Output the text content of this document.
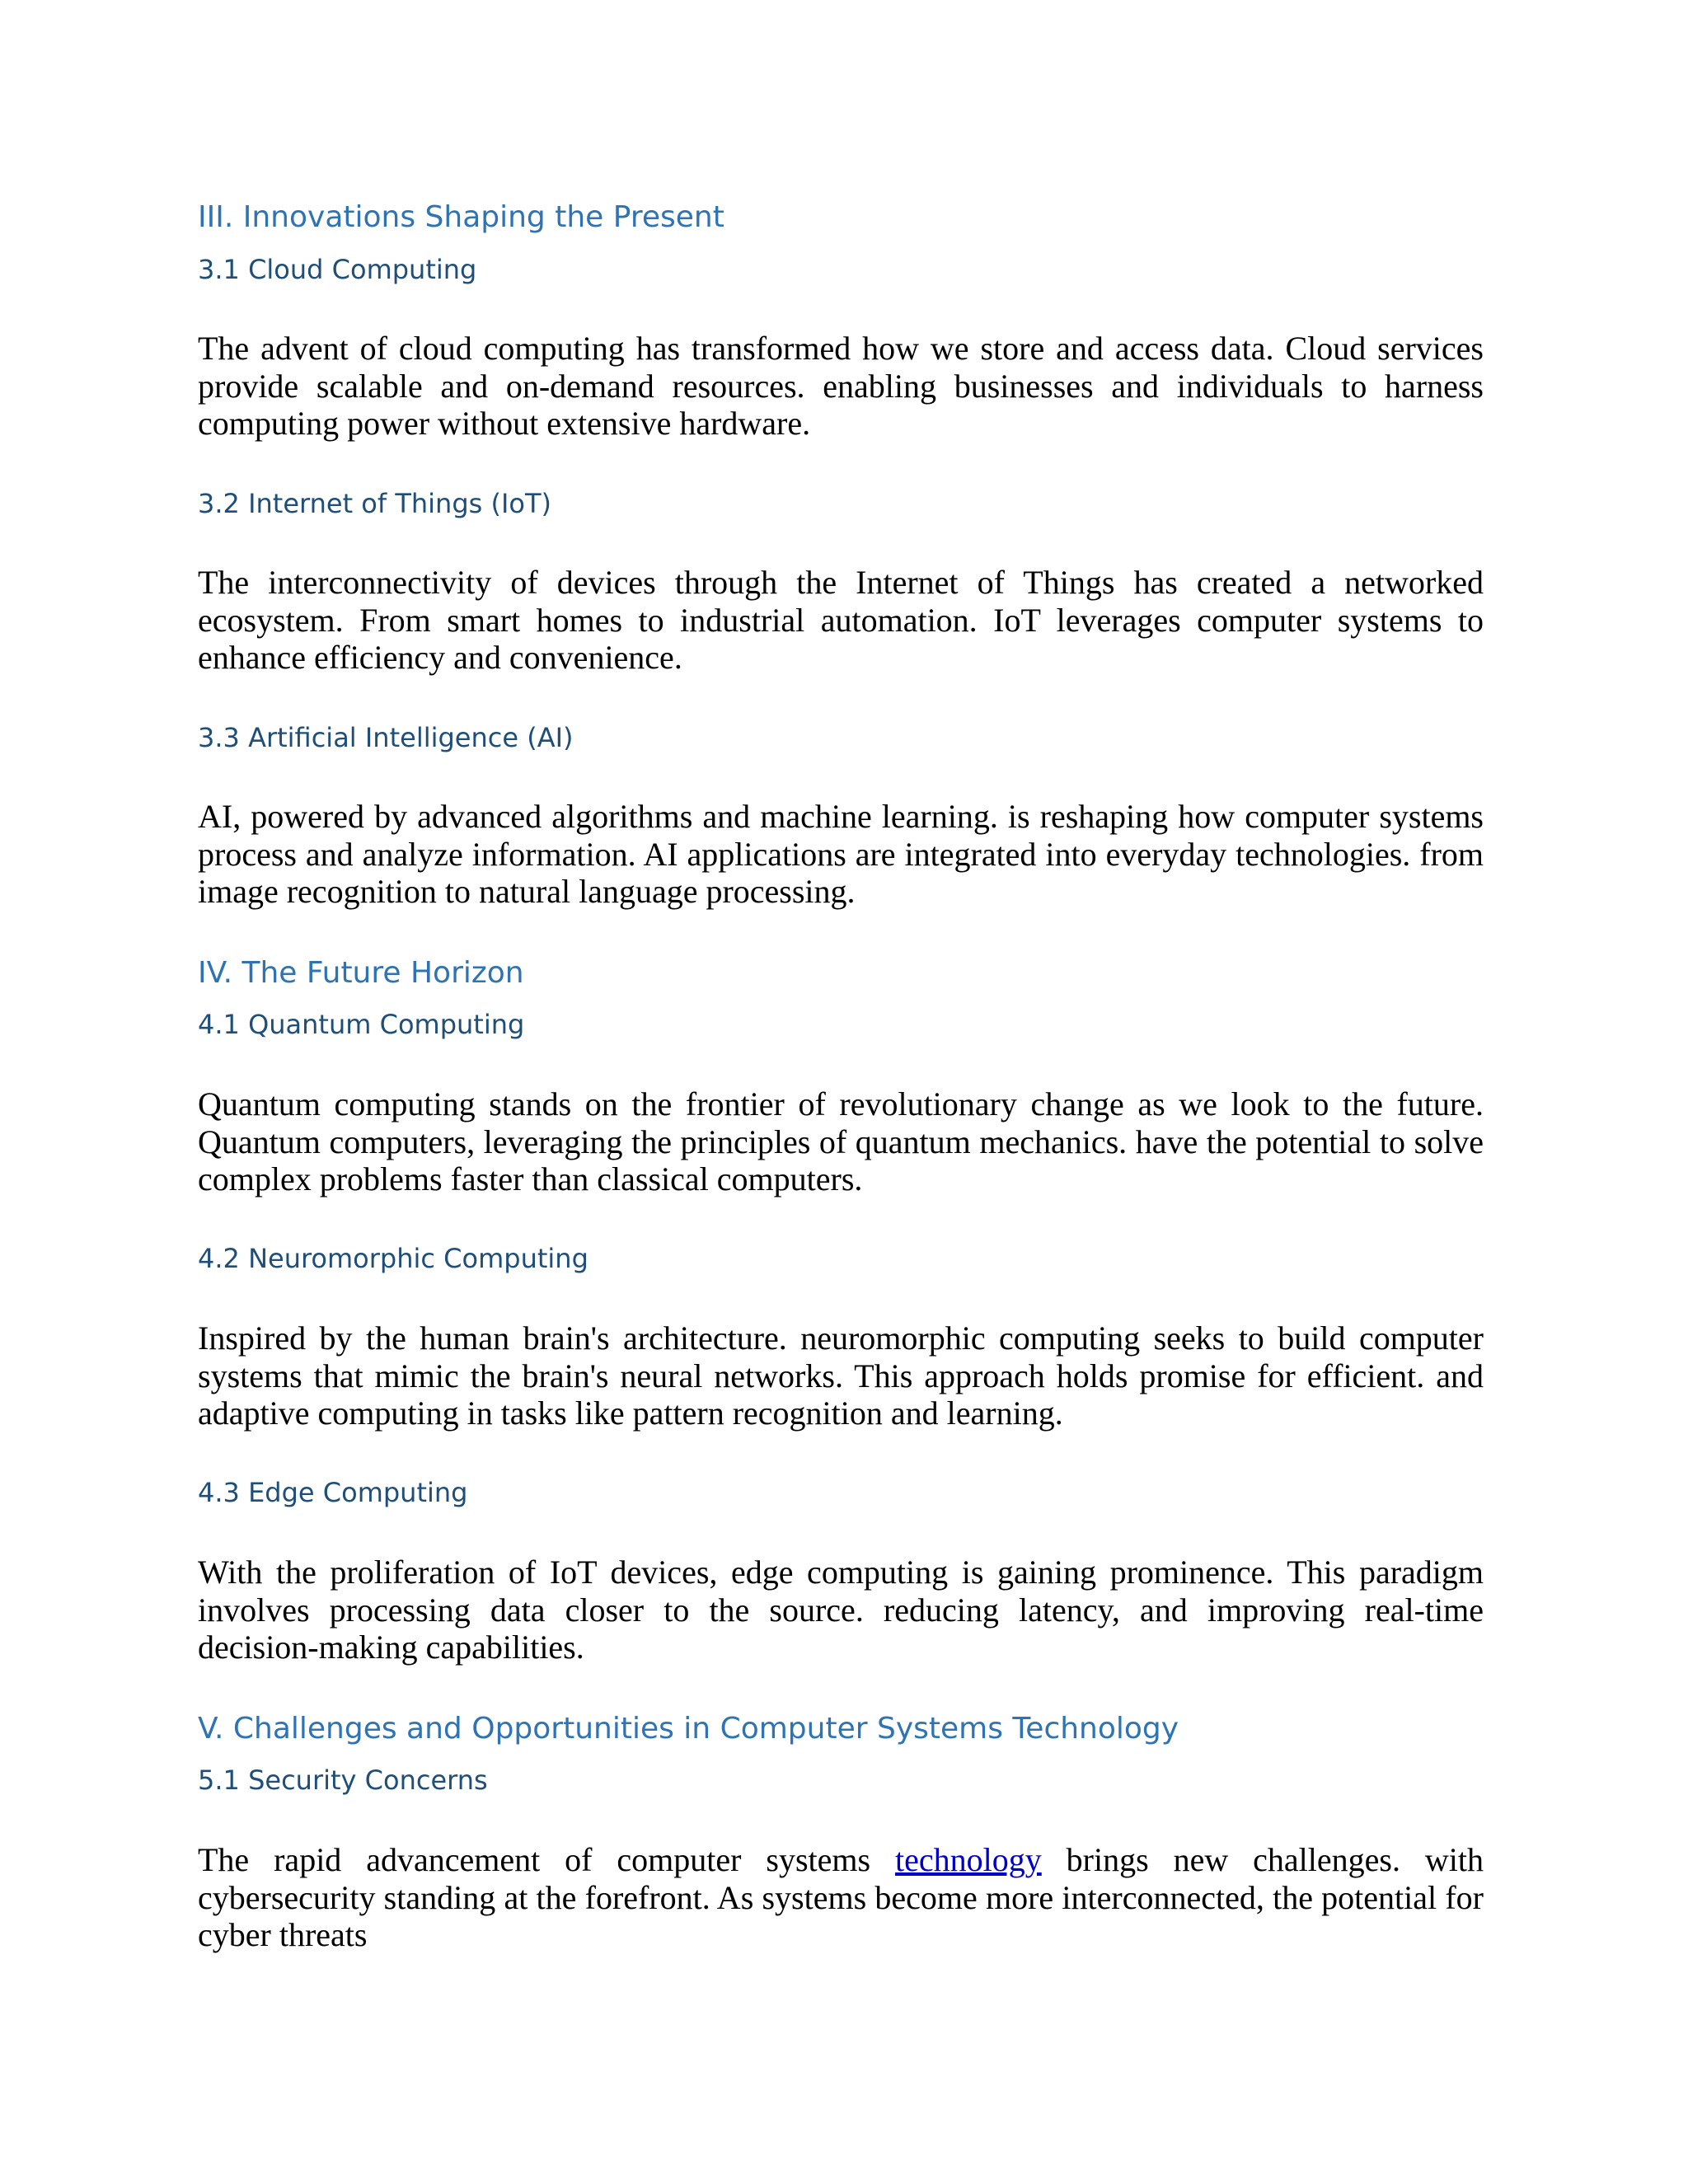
III. Innovations Shaping the Present
3.1 Cloud Computing

The advent of cloud computing has transformed how we store and access data. Cloud services provide scalable and on-demand resources. enabling businesses and individuals to harness computing power without extensive hardware.

3.2 Internet of Things (IoT)

The interconnectivity of devices through the Internet of Things has created a networked ecosystem. From smart homes to industrial automation. IoT leverages computer systems to enhance efficiency and convenience.

3.3 Artificial Intelligence (AI)

AI, powered by advanced algorithms and machine learning. is reshaping how computer systems process and analyze information. AI applications are integrated into everyday technologies. from image recognition to natural language processing.

IV. The Future Horizon
4.1 Quantum Computing

Quantum computing stands on the frontier of revolutionary change as we look to the future. Quantum computers, leveraging the principles of quantum mechanics. have the potential to solve complex problems faster than classical computers.

4.2 Neuromorphic Computing

Inspired by the human brain's architecture. neuromorphic computing seeks to build computer systems that mimic the brain's neural networks. This approach holds promise for efficient. and adaptive computing in tasks like pattern recognition and learning.

4.3 Edge Computing

With the proliferation of IoT devices, edge computing is gaining prominence. This paradigm involves processing data closer to the source. reducing latency, and improving real-time decision-making capabilities.

V. Challenges and Opportunities in Computer Systems Technology
5.1 Security Concerns

The rapid advancement of computer systems technology brings new challenges. with cybersecurity standing at the forefront. As systems become more interconnected, the potential for cyber threats
